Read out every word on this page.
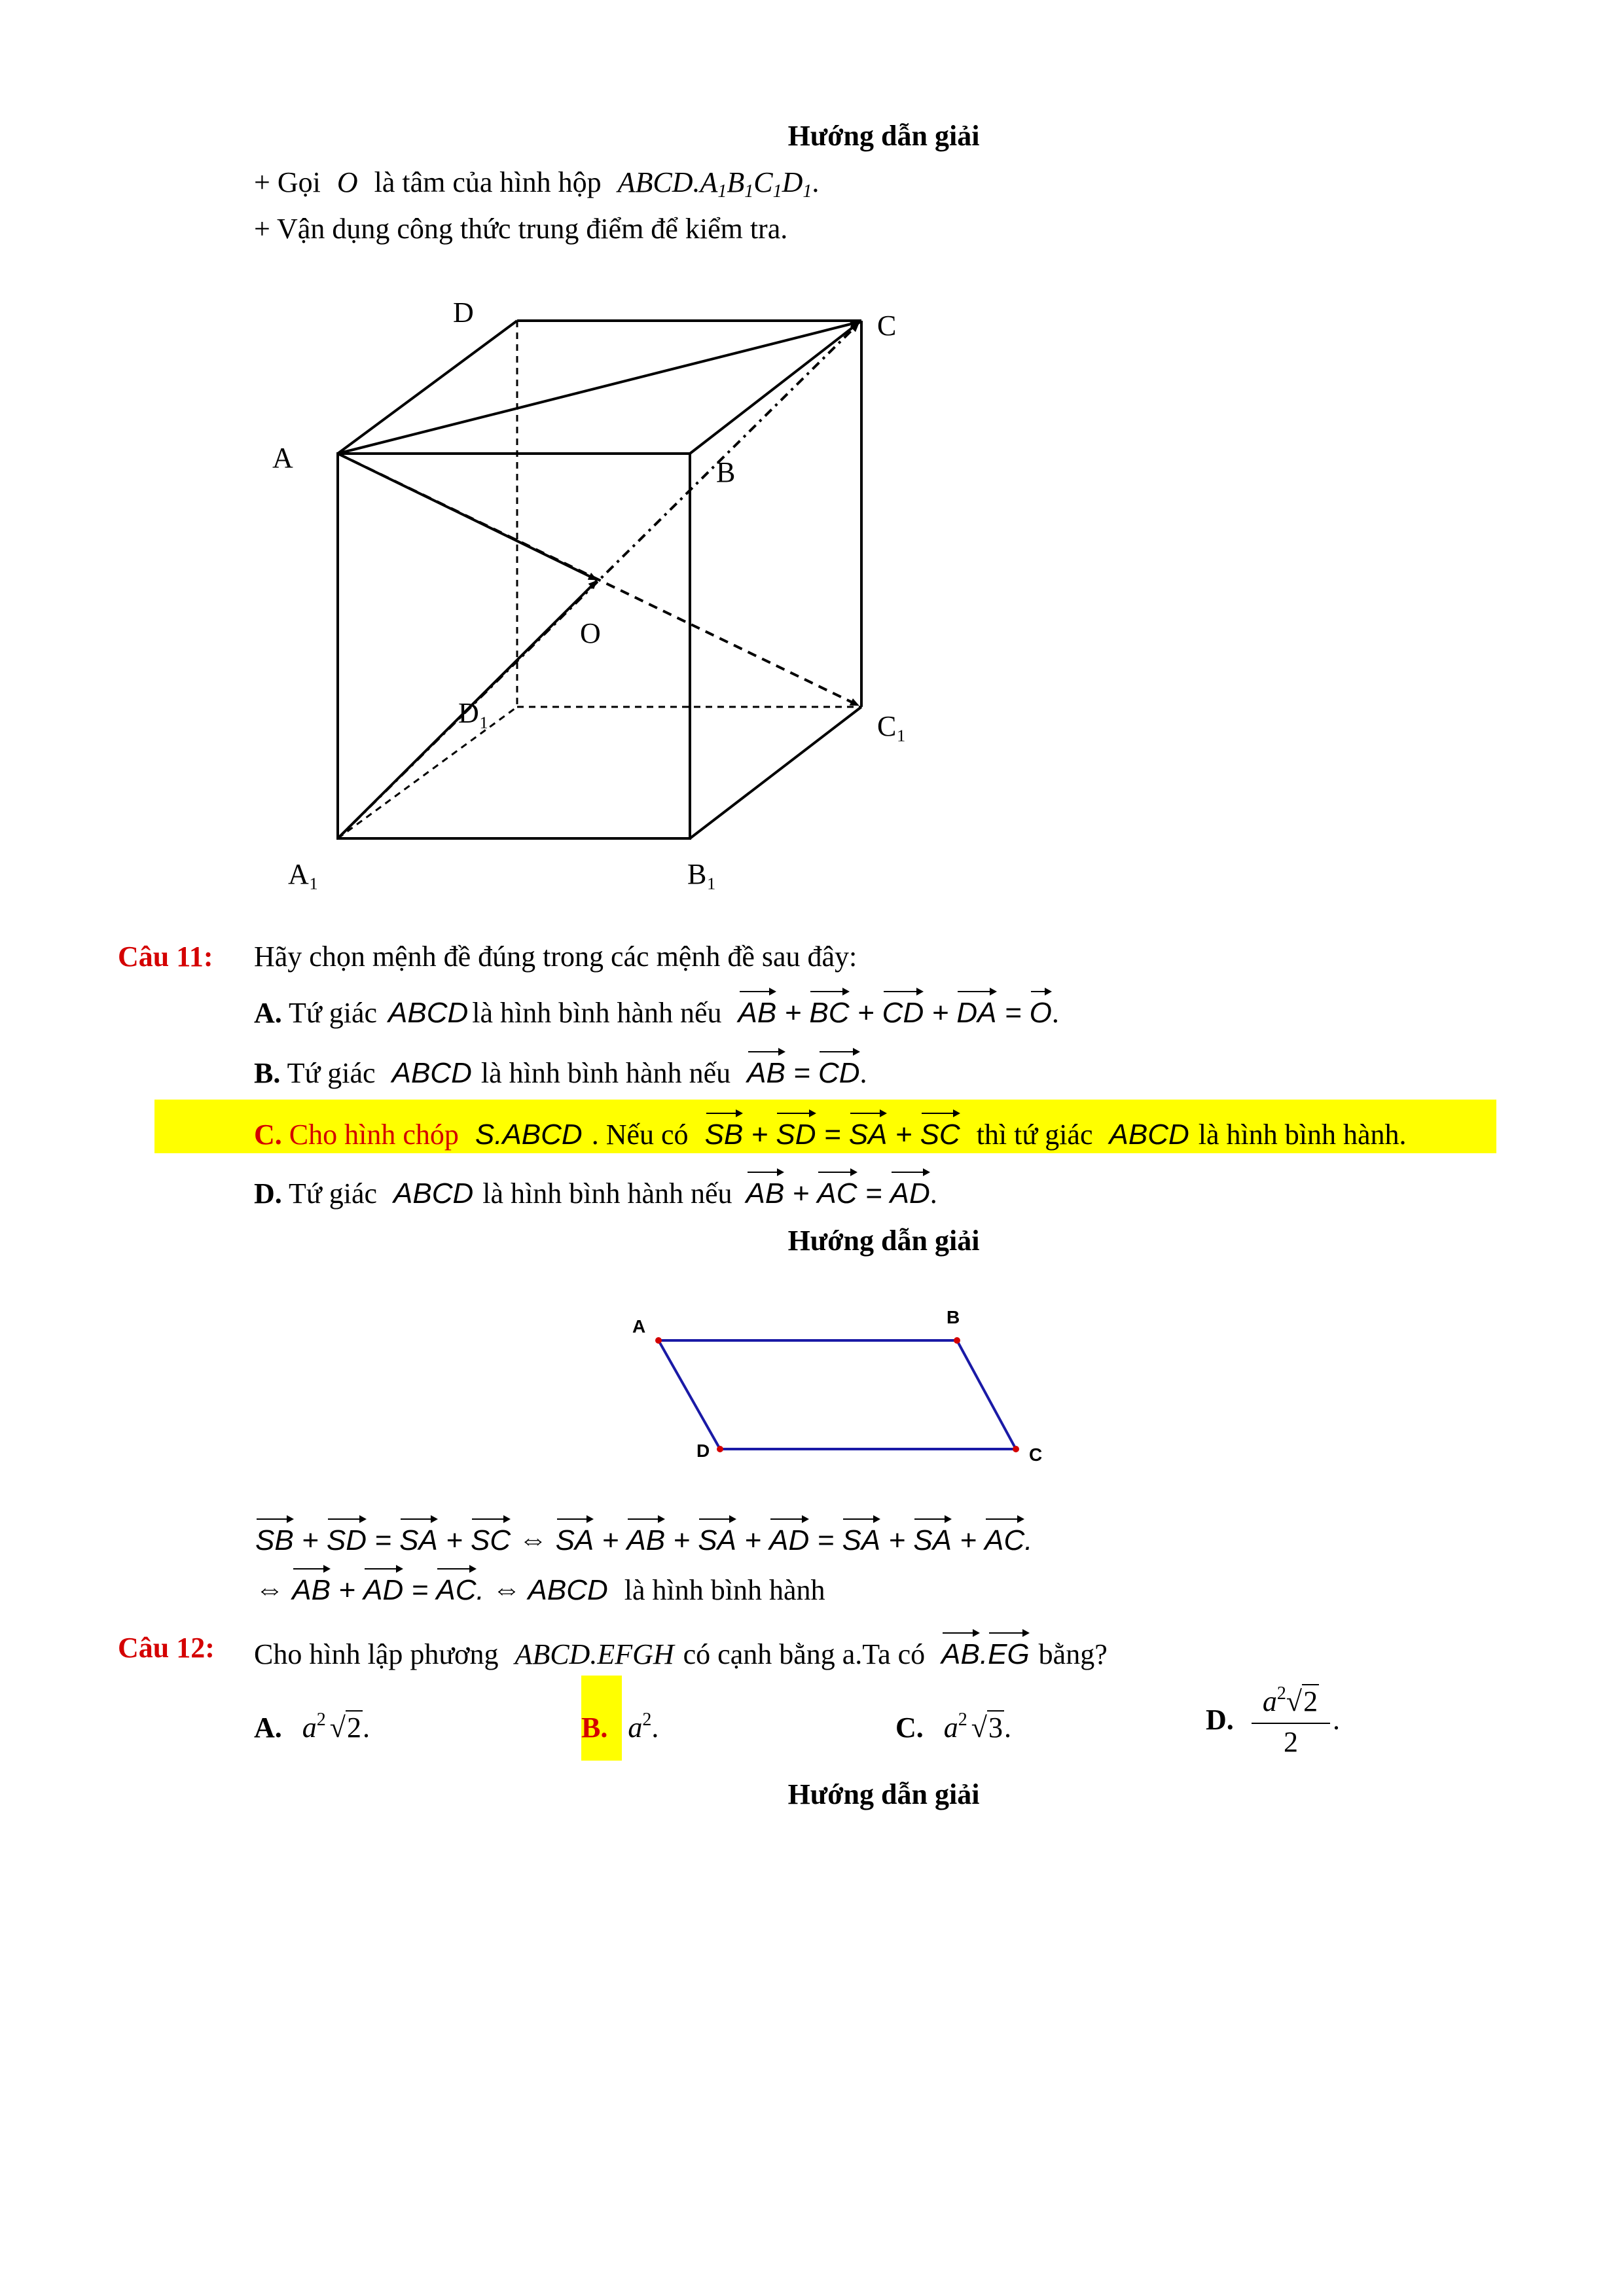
Hướng dẫn giải
+ Gọi O là tâm của hình hộp $ABCD.A_1B_1C_1D_1$.
+ Vận dụng công thức trung điểm để kiểm tra.
D	C
A	B
O
D₁	C₁
A₁	B₁
Câu 11: Hãy chọn mệnh đề đúng trong các mệnh đề sau đây:
A. Tứ giác ABCD là hình bình hành nếu AB + BC + CD + DA = O.
B. Tứ giác ABCD là hình bình hành nếu AB = CD.
C. Cho hình chóp S.ABCD . Nếu có SB + SD = SA + SC thì tứ giác ABCD là hình bình hành.
D. Tứ giác ABCD là hình bình hành nếu AB + AC = AD.
Hướng dẫn giải
A	B
C
D
SB + SD = SA + SC ⇔ SA + AB + SA + AD = SA + SA + AC.
⇔ AB + AD = AC. ⇔ ABCD là hình bình hành
Câu 12: Cho hình lập phương ABCD.EFGH có cạnh bằng a.Ta có AB.EG bằng?
A. $a^2$ √2.	B. $a^2$.	C. $a^2$ √3.	D.
$a^2√2$
2
.
Hướng dẫn giải
